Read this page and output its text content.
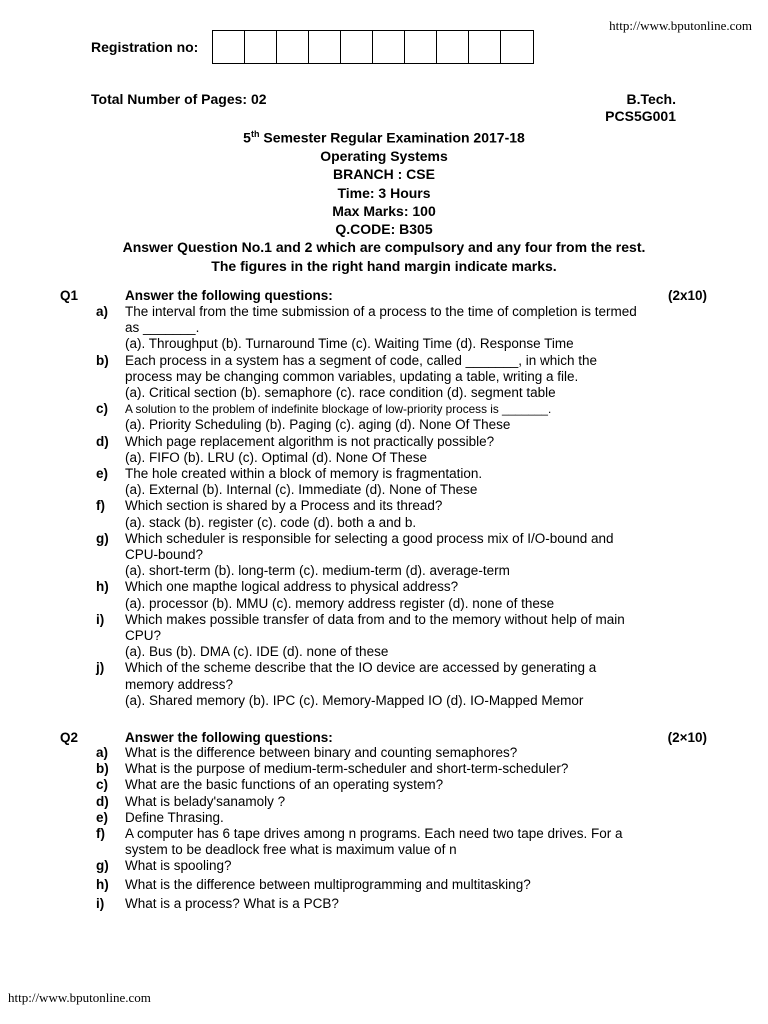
http://www.bputonline.com
Registration no:
Total Number of Pages: 02	B.Tech.
PCS5G001
5th Semester Regular Examination 2017-18
Operating Systems
BRANCH : CSE
Time: 3 Hours
Max Marks: 100
Q.CODE: B305
Answer Question No.1 and 2 which are compulsory and any four from the rest.
The figures in the right hand margin indicate marks.
Q1	Answer the following questions:	(2x10)
a) The interval from the time submission of a process to the time of completion is termed
as _______.
(a). Throughput (b). Turnaround Time (c). Waiting Time (d). Response Time
b) Each process in a system has a segment of code, called _______, in which the
process may be changing common variables, updating a table, writing a file.
(a). Critical section (b). semaphore (c). race condition (d). segment table
c) A solution to the problem of indefinite blockage of low-priority process is _______.
(a). Priority Scheduling (b). Paging (c). aging (d). None Of These
d) Which page replacement algorithm is not practically possible?
(a). FIFO (b). LRU (c). Optimal (d). None Of These
e) The hole created within a block of memory is fragmentation.
(a). External (b). Internal (c). Immediate (d). None of These
f) Which section is shared by a Process and its thread?
(a). stack (b). register (c). code (d). both a and b.
g) Which scheduler is responsible for selecting a good process mix of I/O-bound and
CPU-bound?
(a). short-term (b). long-term (c). medium-term (d). average-term
h) Which one mapthe logical address to physical address?
(a). processor (b). MMU (c). memory address register (d). none of these
i) Which makes possible transfer of data from and to the memory without help of main
CPU?
(a). Bus (b). DMA (c). IDE (d). none of these
j) Which of the scheme describe that the IO device are accessed by generating a
memory address?
(a). Shared memory (b). IPC (c). Memory-Mapped IO (d). IO-Mapped Memor
Q2	Answer the following questions:	(2×10)
a) What is the difference between binary and counting semaphores?
b) What is the purpose of medium-term-scheduler and short-term-scheduler?
c) What are the basic functions of an operating system?
d) What is belady'sanamoly ?
e) Define Thrasing.
f) A computer has 6 tape drives among n programs. Each need two tape drives. For a
system to be deadlock free what is maximum value of n
g) What is spooling?
h) What is the difference between multiprogramming and multitasking?
i) What is a process? What is a PCB?
http://www.bputonline.com
